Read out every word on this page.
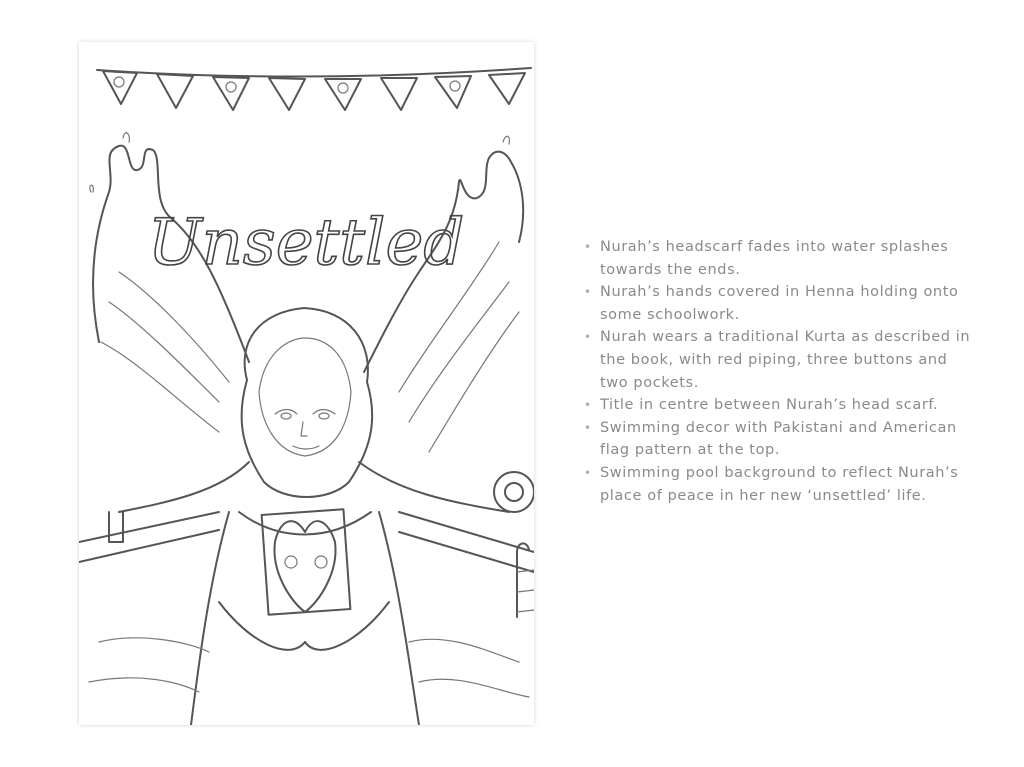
Unsettled	• Nurah’s headscarf fades into water splashes towards the ends.
• Nurah’s hands covered in Henna holding onto some schoolwork.
• Nurah wears a traditional Kurta as described in the book, with red piping, three buttons and two pockets.
• Title in centre between Nurah’s head scarf.
• Swimming decor with Pakistani and American flag pattern at the top.
• Swimming pool background to reflect Nurah’s place of peace in her new ‘unsettled’ life.
